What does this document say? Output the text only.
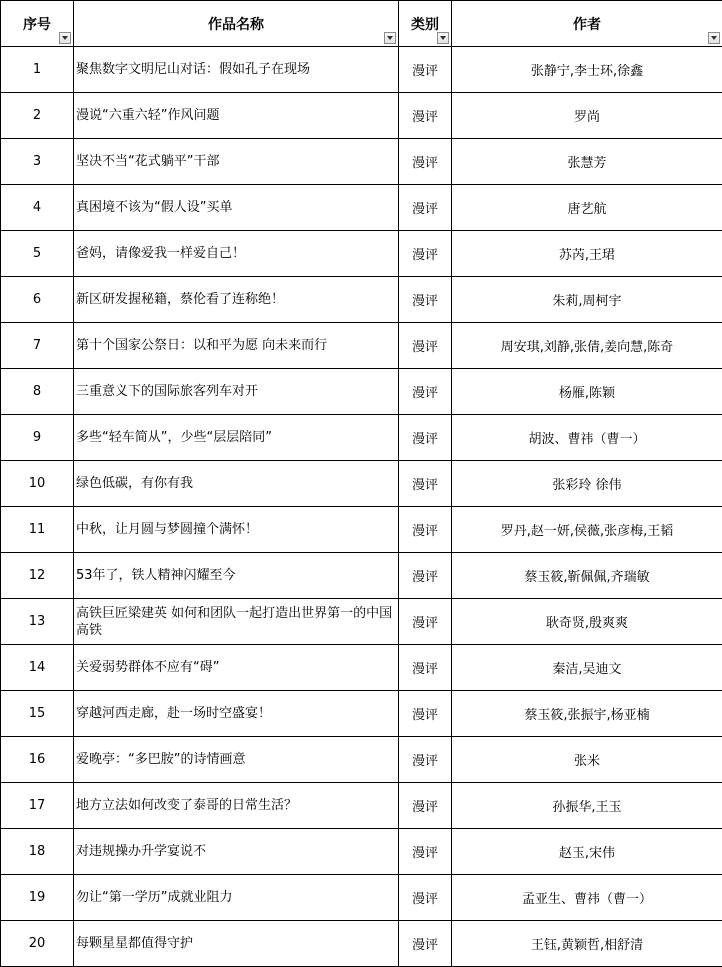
序号	作品名称	类别	作者

1	聚焦数字文明尼山对话：假如孔子在现场	漫评	张静宁,李士环,徐鑫
2	漫说“六重六轻”作风问题	漫评	罗尚
3	坚决不当“花式躺平”干部	漫评	张慧芳
4	真困境不该为“假人设”买单	漫评	唐艺航
5	爸妈，请像爱我一样爱自己！	漫评	苏芮,王珺
6	新区研发握秘籍，蔡伦看了连称绝！	漫评	朱莉,周柯宇
7	第十个国家公祭日：以和平为愿 向未来而行	漫评	周安琪,刘静,张倩,姜向慧,陈奇
8	三重意义下的国际旅客列车对开	漫评	杨雁,陈颖
9	多些“轻车简从”，少些“层层陪同”	漫评	胡波、曹祎（曹一）
10	绿色低碳，有你有我	漫评	张彩玲 徐伟
11	中秋，让月圆与梦圆撞个满怀！	漫评	罗丹,赵一妍,侯薇,张彦梅,王韬
12	53年了，铁人精神闪耀至今	漫评	蔡玉筱,靳佩佩,齐瑞敏
13	高铁巨匠梁建英 如何和团队一起打造出世界第一的中国高铁	漫评	耿奇贤,殷爽爽
14	关爱弱势群体不应有“碍”	漫评	秦洁,吴迪文
15	穿越河西走廊，赴一场时空盛宴！	漫评	蔡玉筱,张振宇,杨亚楠
16	爱晚亭：“多巴胺”的诗情画意	漫评	张米
17	地方立法如何改变了泰哥的日常生活？	漫评	孙振华,王玉
18	对违规操办升学宴说不	漫评	赵玉,宋伟
19	勿让“第一学历”成就业阻力	漫评	孟亚生、曹祎（曹一）
20	每颗星星都值得守护	漫评	王钰,黄颖哲,相舒清
